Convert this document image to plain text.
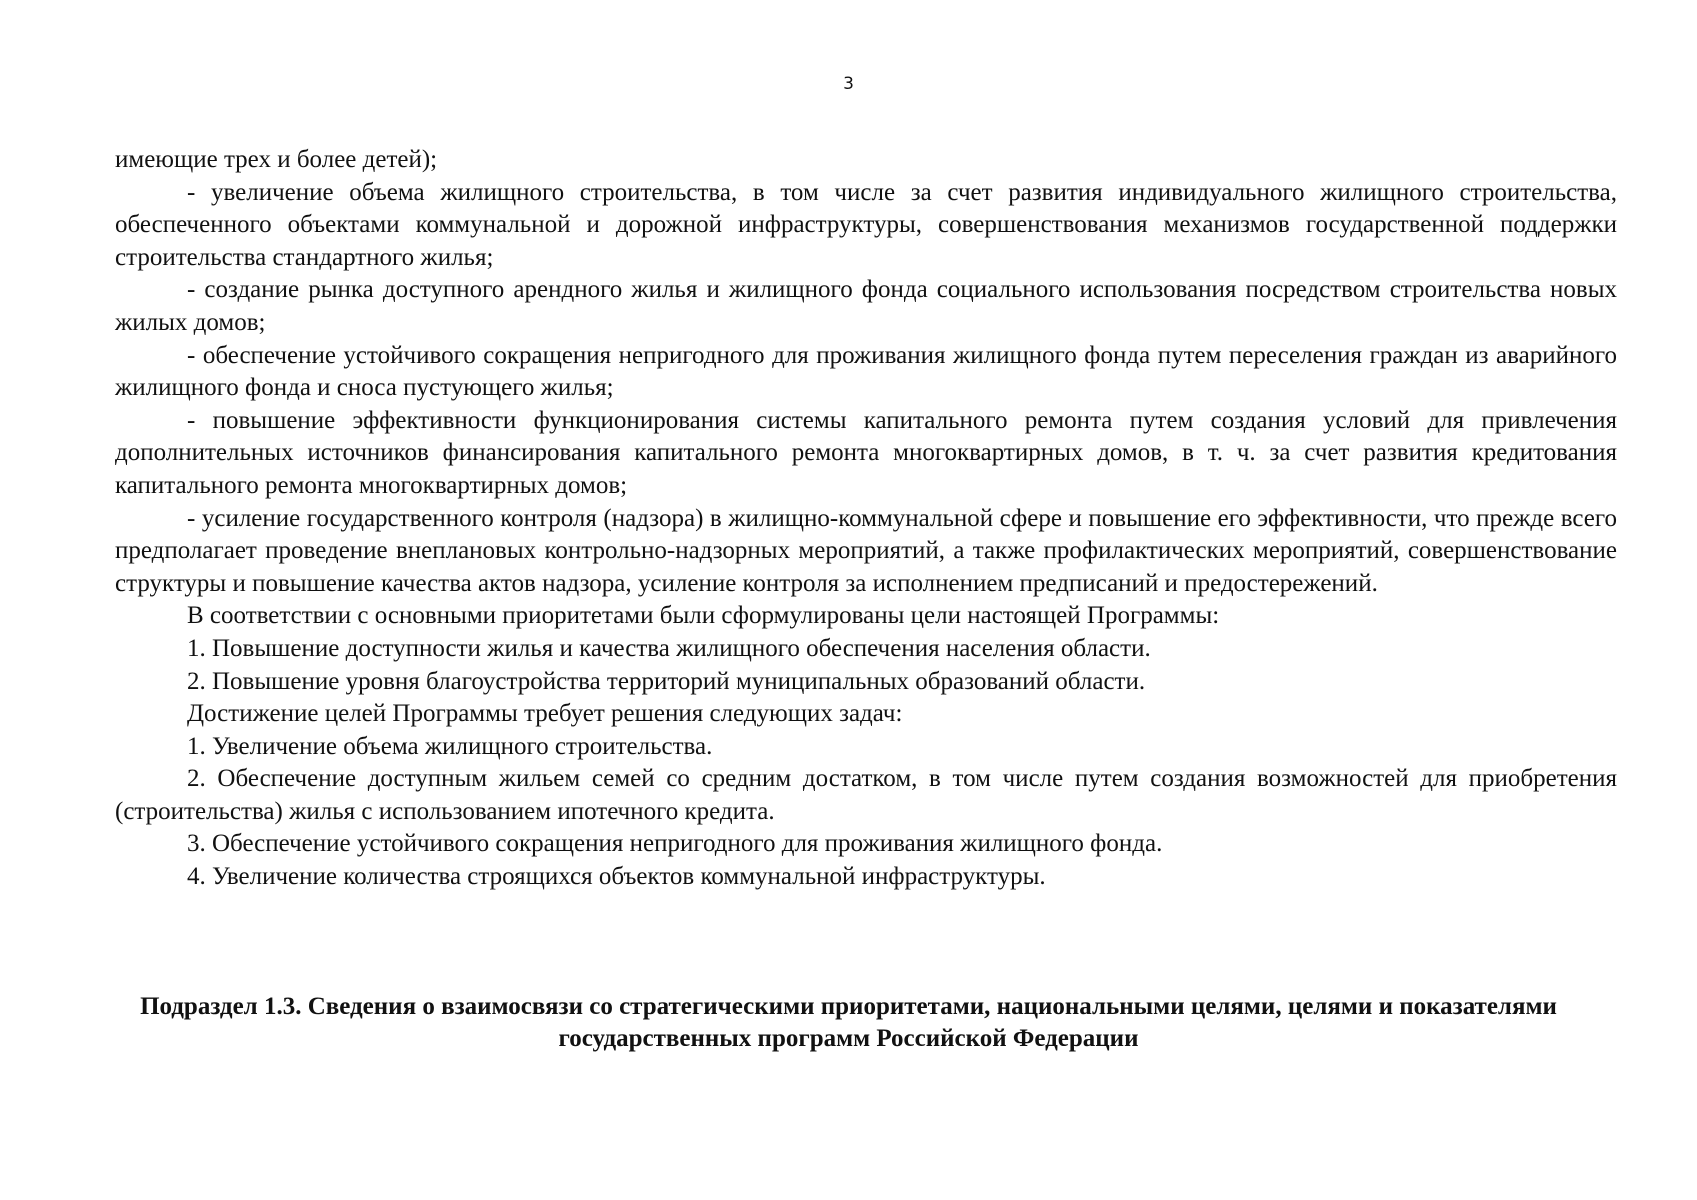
3

имеющие трех и более детей);

- увеличение объема жилищного строительства, в том числе за счет развития индивидуального жилищного строительства, обеспеченного объектами коммунальной и дорожной инфраструктуры, совершенствования механизмов государственной поддержки строительства стандартного жилья;

- создание рынка доступного арендного жилья и жилищного фонда социального использования посредством строительства новых жилых домов;

- обеспечение устойчивого сокращения непригодного для проживания жилищного фонда путем переселения граждан из аварийного жилищного фонда и сноса пустующего жилья;

- повышение эффективности функционирования системы капитального ремонта путем создания условий для привлечения дополнительных источников финансирования капитального ремонта многоквартирных домов, в т. ч. за счет развития кредитования капитального ремонта многоквартирных домов;

- усиление государственного контроля (надзора) в жилищно-коммунальной сфере и повышение его эффективности, что прежде всего предполагает проведение внеплановых контрольно-надзорных мероприятий, а также профилактических мероприятий, совершенствование структуры и повышение качества актов надзора, усиление контроля за исполнением предписаний и предостережений.

В соответствии с основными приоритетами были сформулированы цели настоящей Программы:

1. Повышение доступности жилья и качества жилищного обеспечения населения области.

2. Повышение уровня благоустройства территорий муниципальных образований области.

Достижение целей Программы требует решения следующих задач:

1. Увеличение объема жилищного строительства.

2. Обеспечение доступным жильем семей со средним достатком, в том числе путем создания возможностей для приобретения (строительства) жилья с использованием ипотечного кредита.

3. Обеспечение устойчивого сокращения непригодного для проживания жилищного фонда.

4. Увеличение количества строящихся объектов коммунальной инфраструктуры.

Подраздел 1.3. Сведения о взаимосвязи со стратегическими приоритетами, национальными целями, целями и показателями государственных программ Российской Федерации
